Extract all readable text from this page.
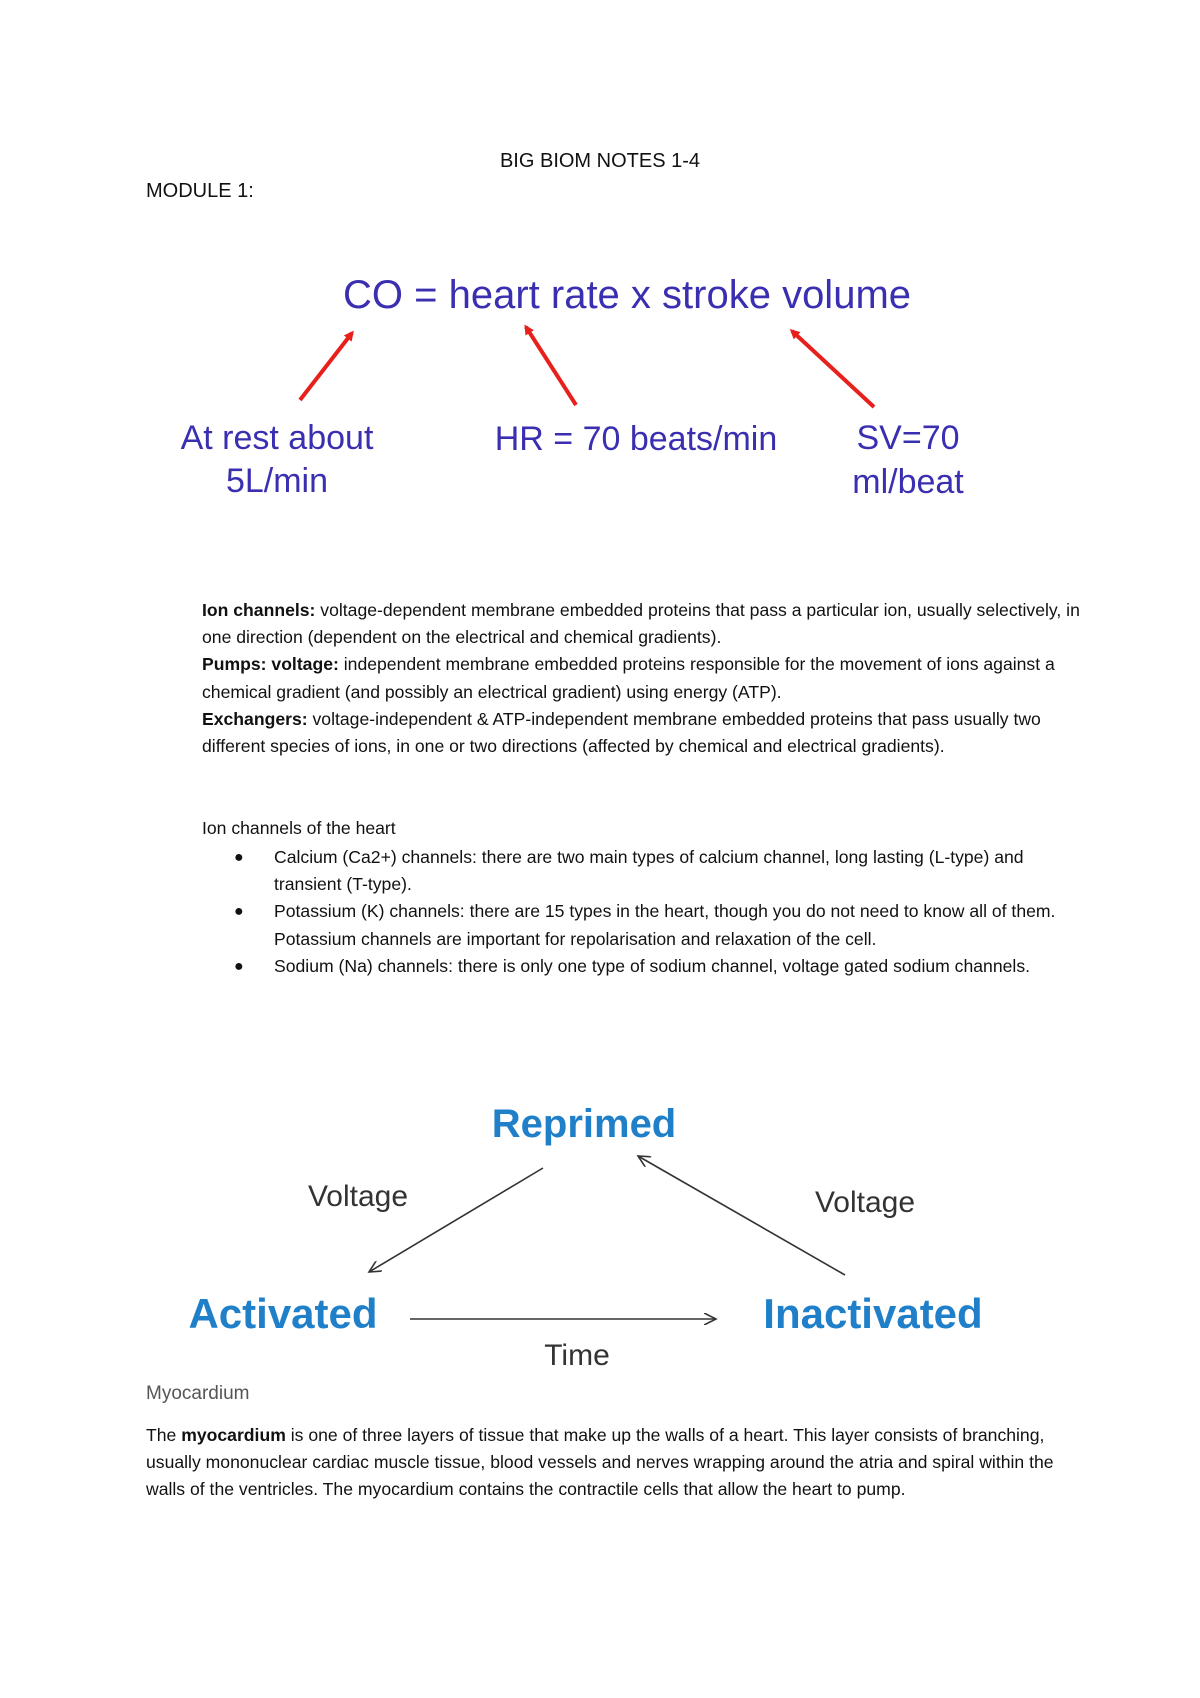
BIG BIOM NOTES 1-4
MODULE 1:
CO = heart rate x stroke volume
At rest about
5L/min
HR = 70 beats/min SV=70
ml/beat

Ion channels: voltage-dependent membrane embedded proteins that pass a particular ion, usually selectively, in one direction (dependent on the electrical and chemical gradients).

Pumps: voltage: independent membrane embedded proteins responsible for the movement of ions against a chemical gradient (and possibly an electrical gradient) using energy (ATP).

Exchangers: voltage-independent & ATP-independent membrane embedded proteins that pass usually two different species of ions, in one or two directions (affected by chemical and electrical gradients).

Ion channels of the heart
● Calcium (Ca2+) channels: there are two main types of calcium channel, long lasting (L-type) and transient (T-type).
● Potassium (K) channels: there are 15 types in the heart, though you do not need to know all of them. Potassium channels are important for repolarisation and relaxation of the cell.
● Sodium (Na) channels: there is only one type of sodium channel, voltage gated sodium channels.
Reprimed
Activated	Inactivated
Voltage	Voltage
Time
Myocardium

The myocardium is one of three layers of tissue that make up the walls of a heart. This layer consists of branching, usually mononuclear cardiac muscle tissue, blood vessels and nerves wrapping around the atria and spiral within the walls of the ventricles. The myocardium contains the contractile cells that allow the heart to pump.
